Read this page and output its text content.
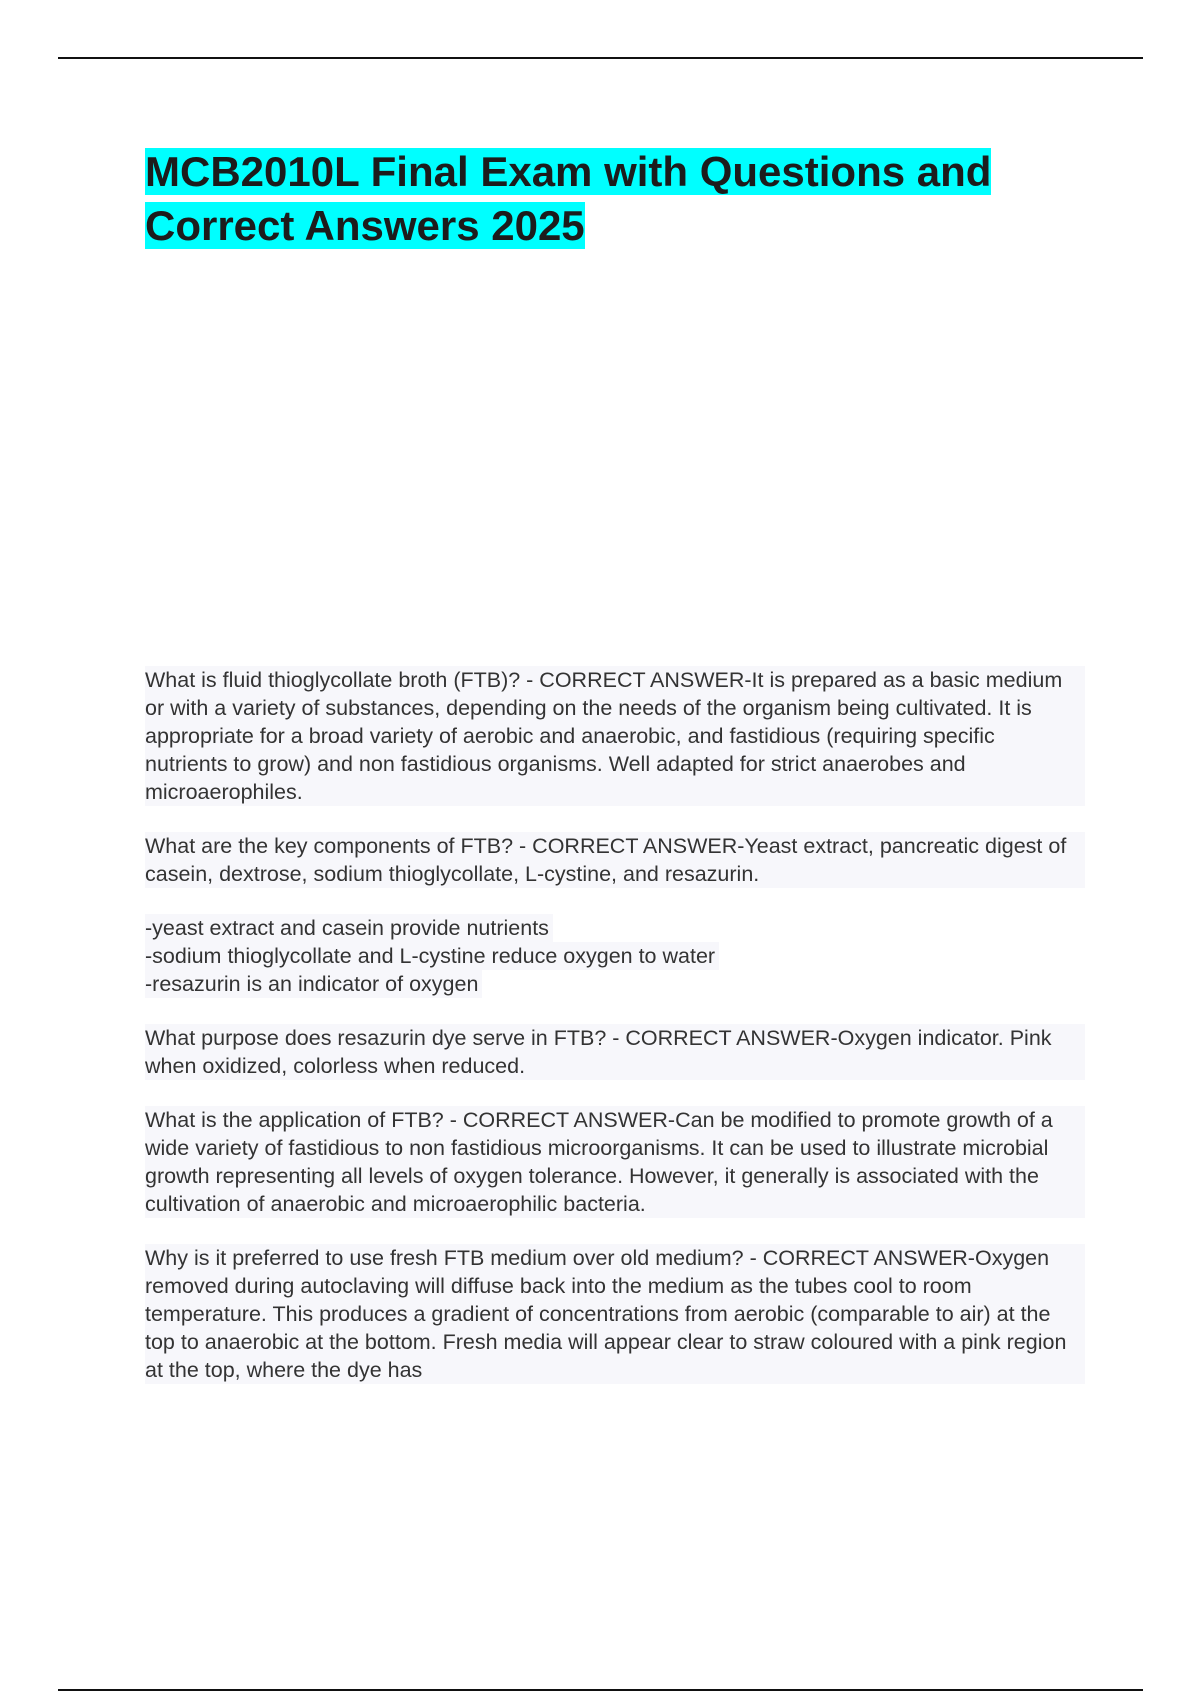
MCB2010L Final Exam with Questions and Correct Answers 2025

What is fluid thioglycollate broth (FTB)? - CORRECT ANSWER-It is prepared as a basic medium or with a variety of substances, depending on the needs of the organism being cultivated. It is appropriate for a broad variety of aerobic and anaerobic, and fastidious (requiring specific nutrients to grow) and non fastidious organisms. Well adapted for strict anaerobes and microaerophiles.

What are the key components of FTB? - CORRECT ANSWER-Yeast extract, pancreatic digest of casein, dextrose, sodium thioglycollate, L-cystine, and resazurin.

-yeast extract and casein provide nutrients
-sodium thioglycollate and L-cystine reduce oxygen to water
-resazurin is an indicator of oxygen

What purpose does resazurin dye serve in FTB? - CORRECT ANSWER-Oxygen indicator. Pink when oxidized, colorless when reduced.

What is the application of FTB? - CORRECT ANSWER-Can be modified to promote growth of a wide variety of fastidious to non fastidious microorganisms. It can be used to illustrate microbial growth representing all levels of oxygen tolerance. However, it generally is associated with the cultivation of anaerobic and microaerophilic bacteria.

Why is it preferred to use fresh FTB medium over old medium? - CORRECT ANSWER-Oxygen removed during autoclaving will diffuse back into the medium as the tubes cool to room temperature. This produces a gradient of concentrations from aerobic (comparable to air) at the top to anaerobic at the bottom. Fresh media will appear clear to straw coloured with a pink region at the top, where the dye has
